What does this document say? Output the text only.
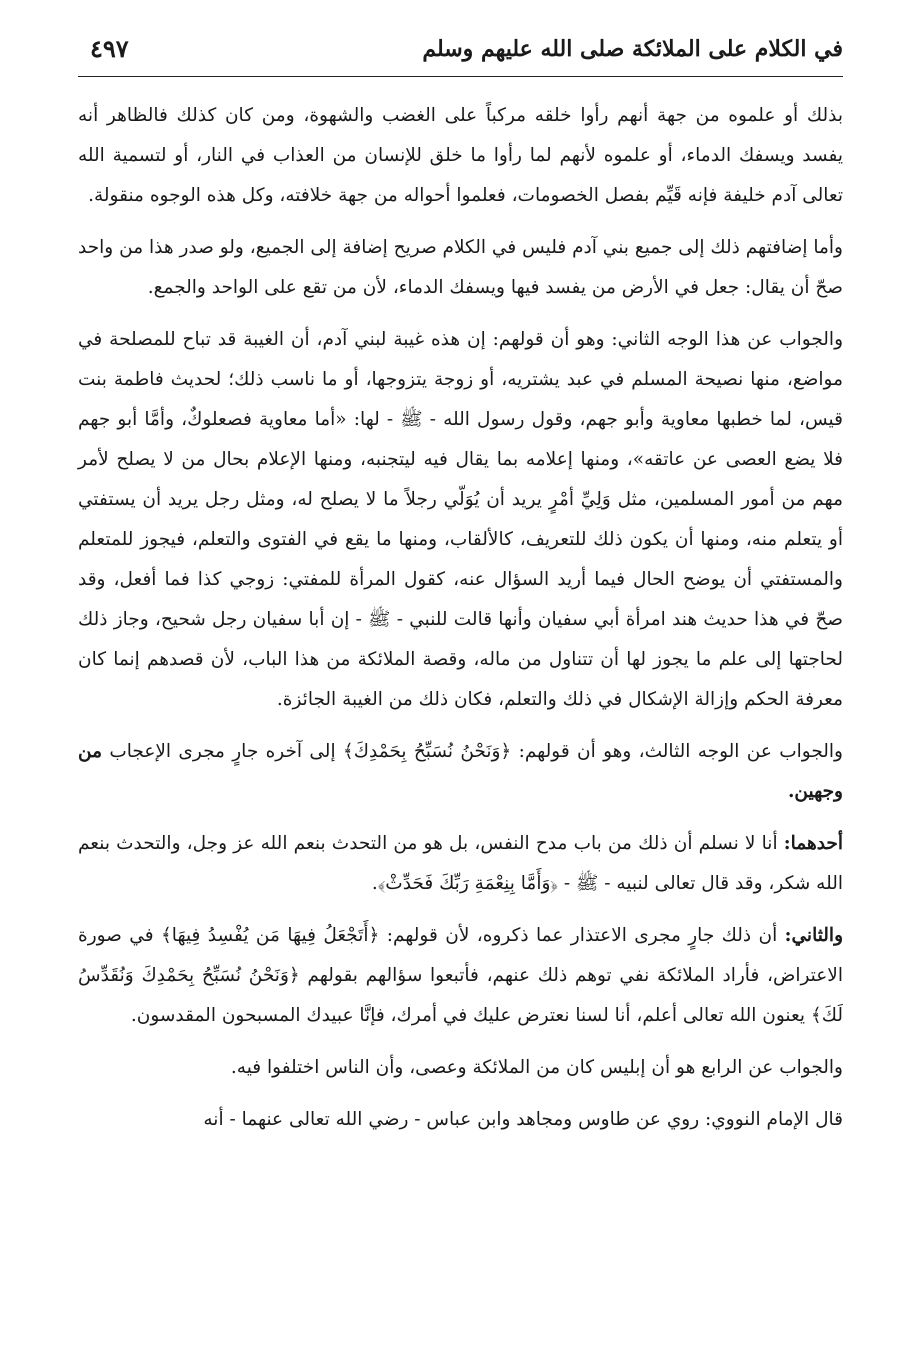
في الكلام على الملائكة صلى الله عليهم وسلم
٤٩٧

بذلك أو علموه من جهة أنهم رأوا خلقه مركباً على الغضب والشهوة، ومن كان كذلك فالظاهر أنه يفسد ويسفك الدماء، أو علموه لأنهم لما رأوا ما خلق للإنسان من العذاب في النار، أو لتسمية الله تعالى آدم خليفة فإنه قَيِّم بفصل الخصومات، فعلموا أحواله من جهة خلافته، وكل هذه الوجوه منقولة.

وأما إضافتهم ذلك إلى جميع بني آدم فليس في الكلام صريح إضافة إلى الجميع، ولو صدر هذا من واحد صحّ أن يقال: جعل في الأرض من يفسد فيها ويسفك الدماء، لأن من تقع على الواحد والجمع.

والجواب عن هذا الوجه الثاني: وهو أن قولهم: إن هذه غيبة لبني آدم، أن الغيبة قد تباح للمصلحة في مواضع، منها نصيحة المسلم في عبد يشتريه، أو زوجة يتزوجها، أو ما ناسب ذلك؛ لحديث فاطمة بنت قيس، لما خطبها معاوية وأبو جهم، وقول رسول الله - ﷺ - لها: «أما معاوية فصعلوكٌ، وأمَّا أبو جهم فلا يضع العصى عن عاتقه»، ومنها إعلامه بما يقال فيه ليتجنبه، ومنها الإعلام بحال من لا يصلح لأمر مهم من أمور المسلمين، مثل وَلِيِّ أمْرٍ يريد أن يُوَلّي رجلاً ما لا يصلح له، ومثل رجل يريد أن يستفتي أو يتعلم منه، ومنها أن يكون ذلك للتعريف، كالألقاب، ومنها ما يقع في الفتوى والتعلم، فيجوز للمتعلم والمستفتي أن يوضح الحال فيما أريد السؤال عنه، كقول المرأة للمفتي: زوجي كذا فما أفعل، وقد صحّ في هذا حديث هند امرأة أبي سفيان وأنها قالت للنبي - ﷺ - إن أبا سفيان رجل شحيح، وجاز ذلك لحاجتها إلى علم ما يجوز لها أن تتناول من ماله، وقصة الملائكة من هذا الباب، لأن قصدهم إنما كان معرفة الحكم وإزالة الإشكال في ذلك والتعلم، فكان ذلك من الغيبة الجائزة.

والجواب عن الوجه الثالث، وهو أن قولهم: ﴿وَنَحْنُ نُسَبِّحُ بِحَمْدِكَ﴾ إلى آخره جارٍ مجرى الإعجاب من وجهين.

أحدهما: أنا لا نسلم أن ذلك من باب مدح النفس، بل هو من التحدث بنعم الله عز وجل، والتحدث بنعم الله شكر، وقد قال تعالى لنبيه - ﷺ - ﴿وَأَمَّا بِنِعْمَةِ رَبِّكَ فَحَدِّثْ﴾.

والثاني: أن ذلك جارٍ مجرى الاعتذار عما ذكروه، لأن قولهم: ﴿أَتَجْعَلُ فِيهَا مَن يُفْسِدُ فِيهَا﴾ في صورة الاعتراض، فأراد الملائكة نفي توهم ذلك عنهم، فأتبعوا سؤالهم بقولهم ﴿وَنَحْنُ نُسَبِّحُ بِحَمْدِكَ وَنُقَدِّسُ لَكَ﴾ يعنون الله تعالى أعلم، أنا لسنا نعترض عليك في أمرك، فإنَّا عبيدك المسبحون المقدسون.

والجواب عن الرابع هو أن إبليس كان من الملائكة وعصى، وأن الناس اختلفوا فيه.

قال الإمام النووي: روي عن طاوس ومجاهد وابن عباس - رضي الله تعالى عنهما - أنه
